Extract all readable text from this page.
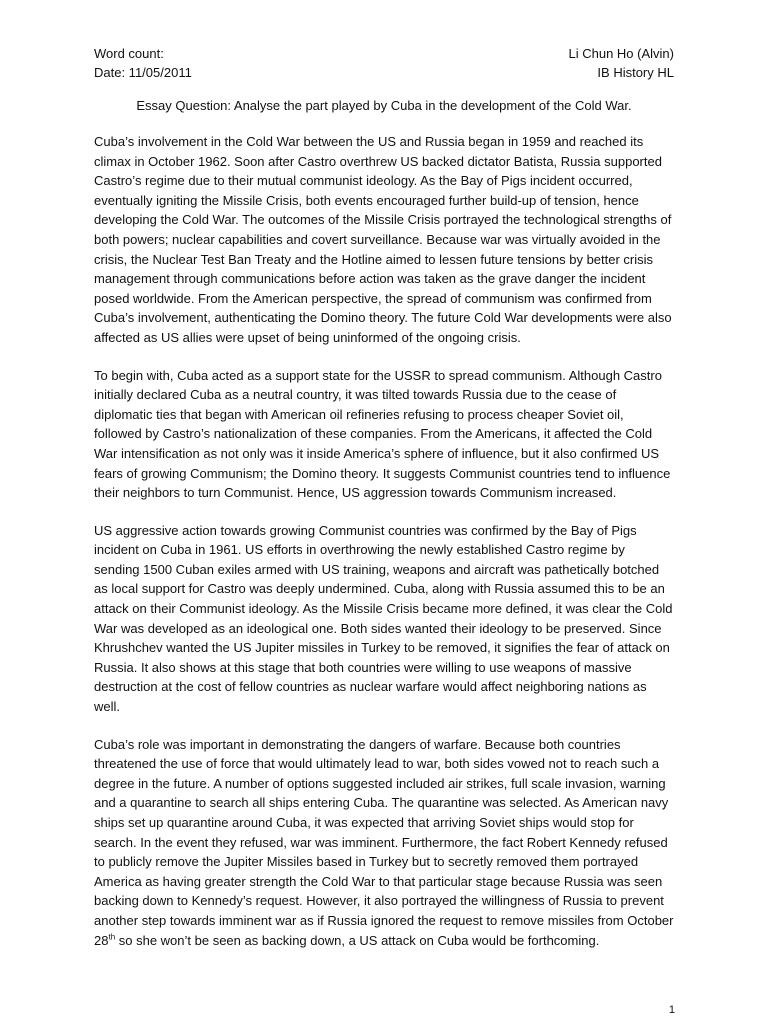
Word count:	Li Chun Ho (Alvin)
Date: 11/05/2011	IB History HL
Essay Question: Analyse the part played by Cuba in the development of the Cold War.

Cuba’s involvement in the Cold War between the US and Russia began in 1959 and reached its climax in October 1962. Soon after Castro overthrew US backed dictator Batista, Russia supported Castro’s regime due to their mutual communist ideology. As the Bay of Pigs incident occurred, eventually igniting the Missile Crisis, both events encouraged further build-up of tension, hence developing the Cold War. The outcomes of the Missile Crisis portrayed the technological strengths of both powers; nuclear capabilities and covert surveillance. Because war was virtually avoided in the crisis, the Nuclear Test Ban Treaty and the Hotline aimed to lessen future tensions by better crisis management through communications before action was taken as the grave danger the incident posed worldwide. From the American perspective, the spread of communism was confirmed from Cuba’s involvement, authenticating the Domino theory. The future Cold War developments were also affected as US allies were upset of being uninformed of the ongoing crisis.

To begin with, Cuba acted as a support state for the USSR to spread communism. Although Castro initially declared Cuba as a neutral country, it was tilted towards Russia due to the cease of diplomatic ties that began with American oil refineries refusing to process cheaper Soviet oil, followed by Castro’s nationalization of these companies. From the Americans, it affected the Cold War intensification as not only was it inside America’s sphere of influence, but it also confirmed US fears of growing Communism; the Domino theory. It suggests Communist countries tend to influence their neighbors to turn Communist. Hence, US aggression towards Communism increased.

US aggressive action towards growing Communist countries was confirmed by the Bay of Pigs incident on Cuba in 1961. US efforts in overthrowing the newly established Castro regime by sending 1500 Cuban exiles armed with US training, weapons and aircraft was pathetically botched as local support for Castro was deeply undermined. Cuba, along with Russia assumed this to be an attack on their Communist ideology. As the Missile Crisis became more defined, it was clear the Cold War was developed as an ideological one. Both sides wanted their ideology to be preserved. Since Khrushchev wanted the US Jupiter missiles in Turkey to be removed, it signifies the fear of attack on Russia. It also shows at this stage that both countries were willing to use weapons of massive destruction at the cost of fellow countries as nuclear warfare would affect neighboring nations as well.

Cuba’s role was important in demonstrating the dangers of warfare. Because both countries threatened the use of force that would ultimately lead to war, both sides vowed not to reach such a degree in the future. A number of options suggested included air strikes, full scale invasion, warning and a quarantine to search all ships entering Cuba. The quarantine was selected. As American navy ships set up quarantine around Cuba, it was expected that arriving Soviet ships would stop for search. In the event they refused, war was imminent. Furthermore, the fact Robert Kennedy refused to publicly remove the Jupiter Missiles based in Turkey but to secretly removed them portrayed America as having greater strength the Cold War to that particular stage because Russia was seen backing down to Kennedy’s request. However, it also portrayed the willingness of Russia to prevent another step towards imminent war as if Russia ignored the request to remove missiles from October 28th so she won’t be seen as backing down, a US attack on Cuba would be forthcoming.

1
